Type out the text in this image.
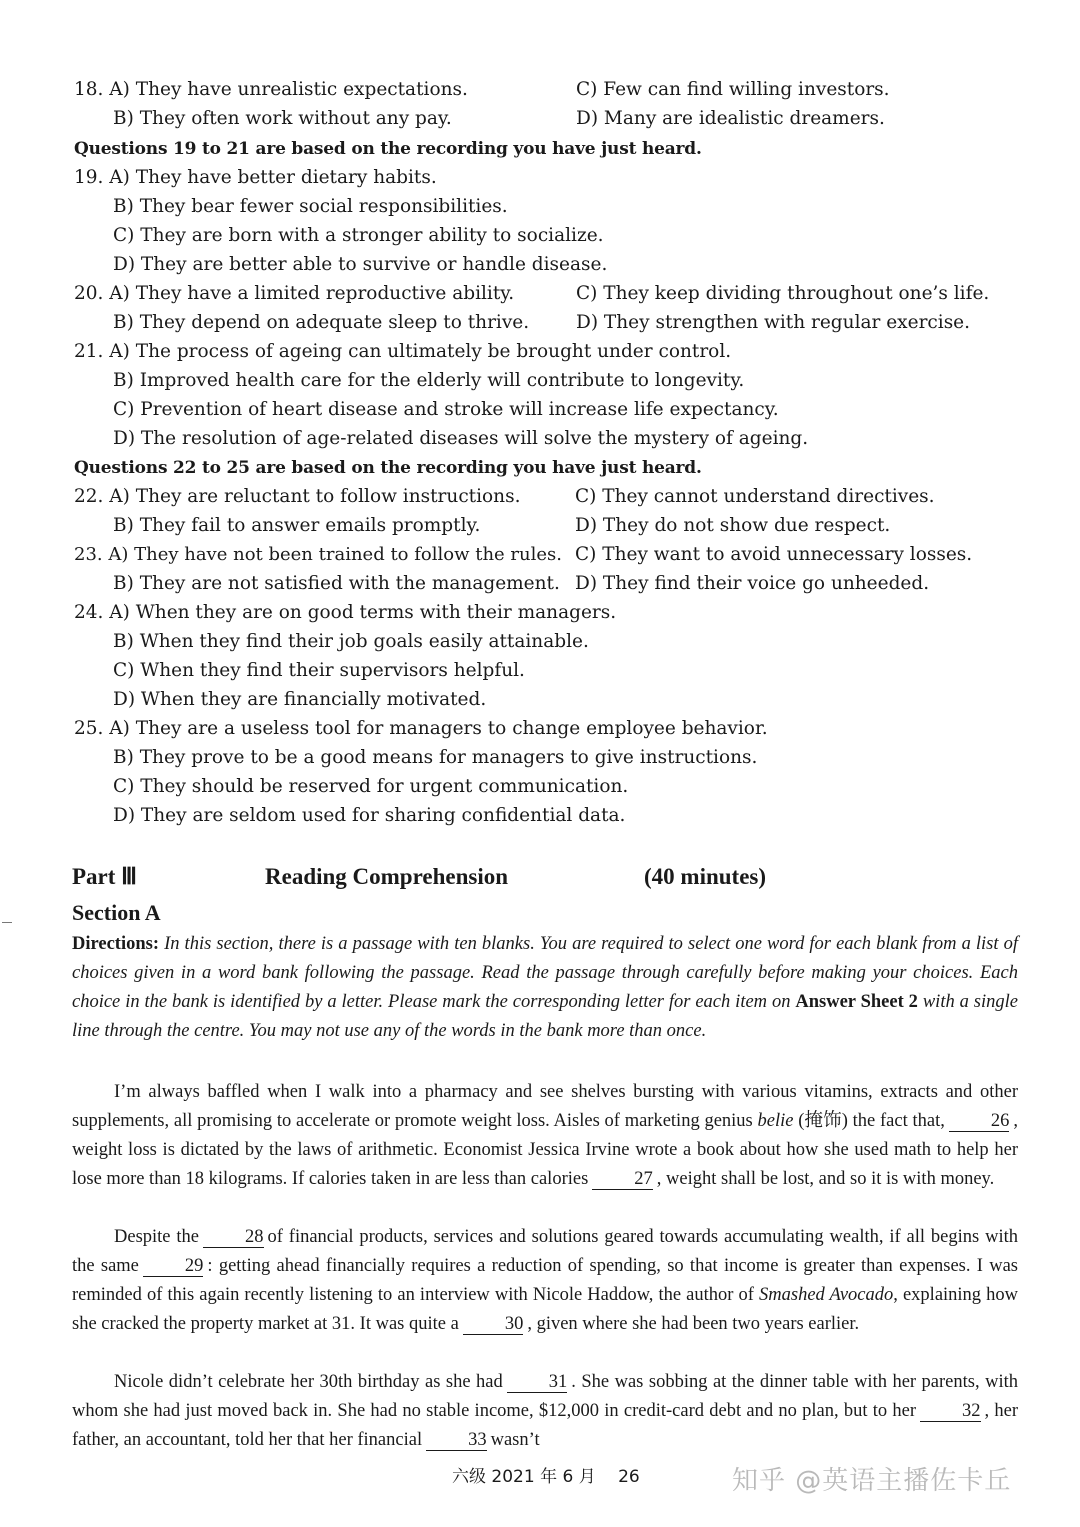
18. A) They have unrealistic expectations.	C) Few can find willing investors.
B) They often work without any pay.	D) Many are idealistic dreamers.
Questions 19 to 21 are based on the recording you have just heard.
19. A) They have better dietary habits.
B) They bear fewer social responsibilities.
C) They are born with a stronger ability to socialize.
D) They are better able to survive or handle disease.
20. A) They have a limited reproductive ability.	C) They keep dividing throughout one’s life.
B) They depend on adequate sleep to thrive.	D) They strengthen with regular exercise.
21. A) The process of ageing can ultimately be brought under control.
B) Improved health care for the elderly will contribute to longevity.
C) Prevention of heart disease and stroke will increase life expectancy.
D) The resolution of age-related diseases will solve the mystery of ageing.
Questions 22 to 25 are based on the recording you have just heard.
22. A) They are reluctant to follow instructions.	C) They cannot understand directives.
B) They fail to answer emails promptly.	D) They do not show due respect.
23. A) They have not been trained to follow the rules. C) They want to avoid unnecessary losses.
B) They are not satisfied with the management. D) They find their voice go unheeded.
24. A) When they are on good terms with their managers.
B) When they find their job goals easily attainable.
C) When they find their supervisors helpful.
D) When they are financially motivated.
25. A) They are a useless tool for managers to change employee behavior.
B) They prove to be a good means for managers to give instructions.
C) They should be reserved for urgent communication.
D) They are seldom used for sharing confidential data.
Part Ⅲ	Reading Comprehension	(40 minutes)
Section A
Directions: In this section, there is a passage with ten blanks. You are required to select one word for each blank from a list of choices given in a word bank following the passage. Read the passage through carefully before making your choices. Each choice in the bank is identified by a letter. Please mark the corresponding letter for each item on Answer Sheet 2 with a single line through the centre. You may not use any of the words in the bank more than once.
I’m always baffled when I walk into a pharmacy and see shelves bursting with various vitamins, extracts and other supplements, all promising to accelerate or promote weight loss. Aisles of marketing genius belie (掩饰) the fact that, 26 , weight loss is dictated by the laws of arithmetic. Economist Jessica Irvine wrote a book about how she used math to help her lose more than 18 kilograms. If calories taken in are less than calories 27 , weight shall be lost, and so it is with money.
Despite the 28 of financial products, services and solutions geared towards accumulating wealth, if all begins with the same 29 : getting ahead financially requires a reduction of spending, so that income is greater than expenses. I was reminded of this again recently listening to an interview with Nicole Haddow, the author of Smashed Avocado, explaining how she cracked the property market at 31. It was quite a 30 , given where she had been two years earlier.
Nicole didn’t celebrate her 30th birthday as she had 31 . She was sobbing at the dinner table with her parents, with whom she had just moved back in. She had no stable income, $12,000 in credit-card debt and no plan, but to her 32 , her father, an accountant, told her that her financial 33 wasn’t
六级 2021 年 6 月　 26	知乎 @英语主播佐卡丘
